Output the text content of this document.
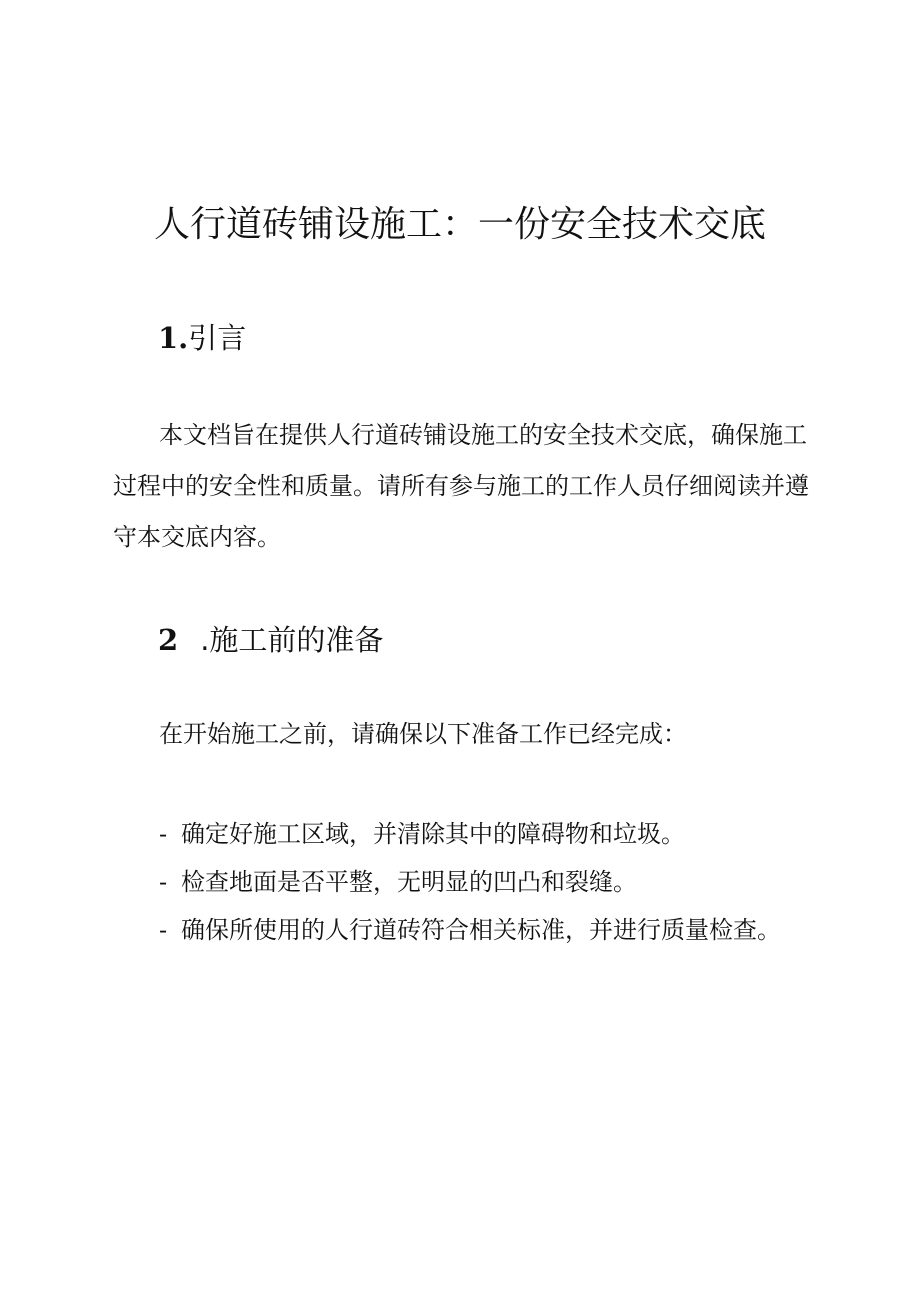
人行道砖铺设施工：一份安全技术交底
1.引言

本文档旨在提供人行道砖铺设施工的安全技术交底，确保施工过程中的安全性和质量。请所有参与施工的工作人员仔细阅读并遵守本交底内容。

2 .施工前的准备

在开始施工之前，请确保以下准备工作已经完成：

- 确定好施工区域，并清除其中的障碍物和垃圾。
- 检查地面是否平整，无明显的凹凸和裂缝。
- 确保所使用的人行道砖符合相关标准，并进行质量检查。
